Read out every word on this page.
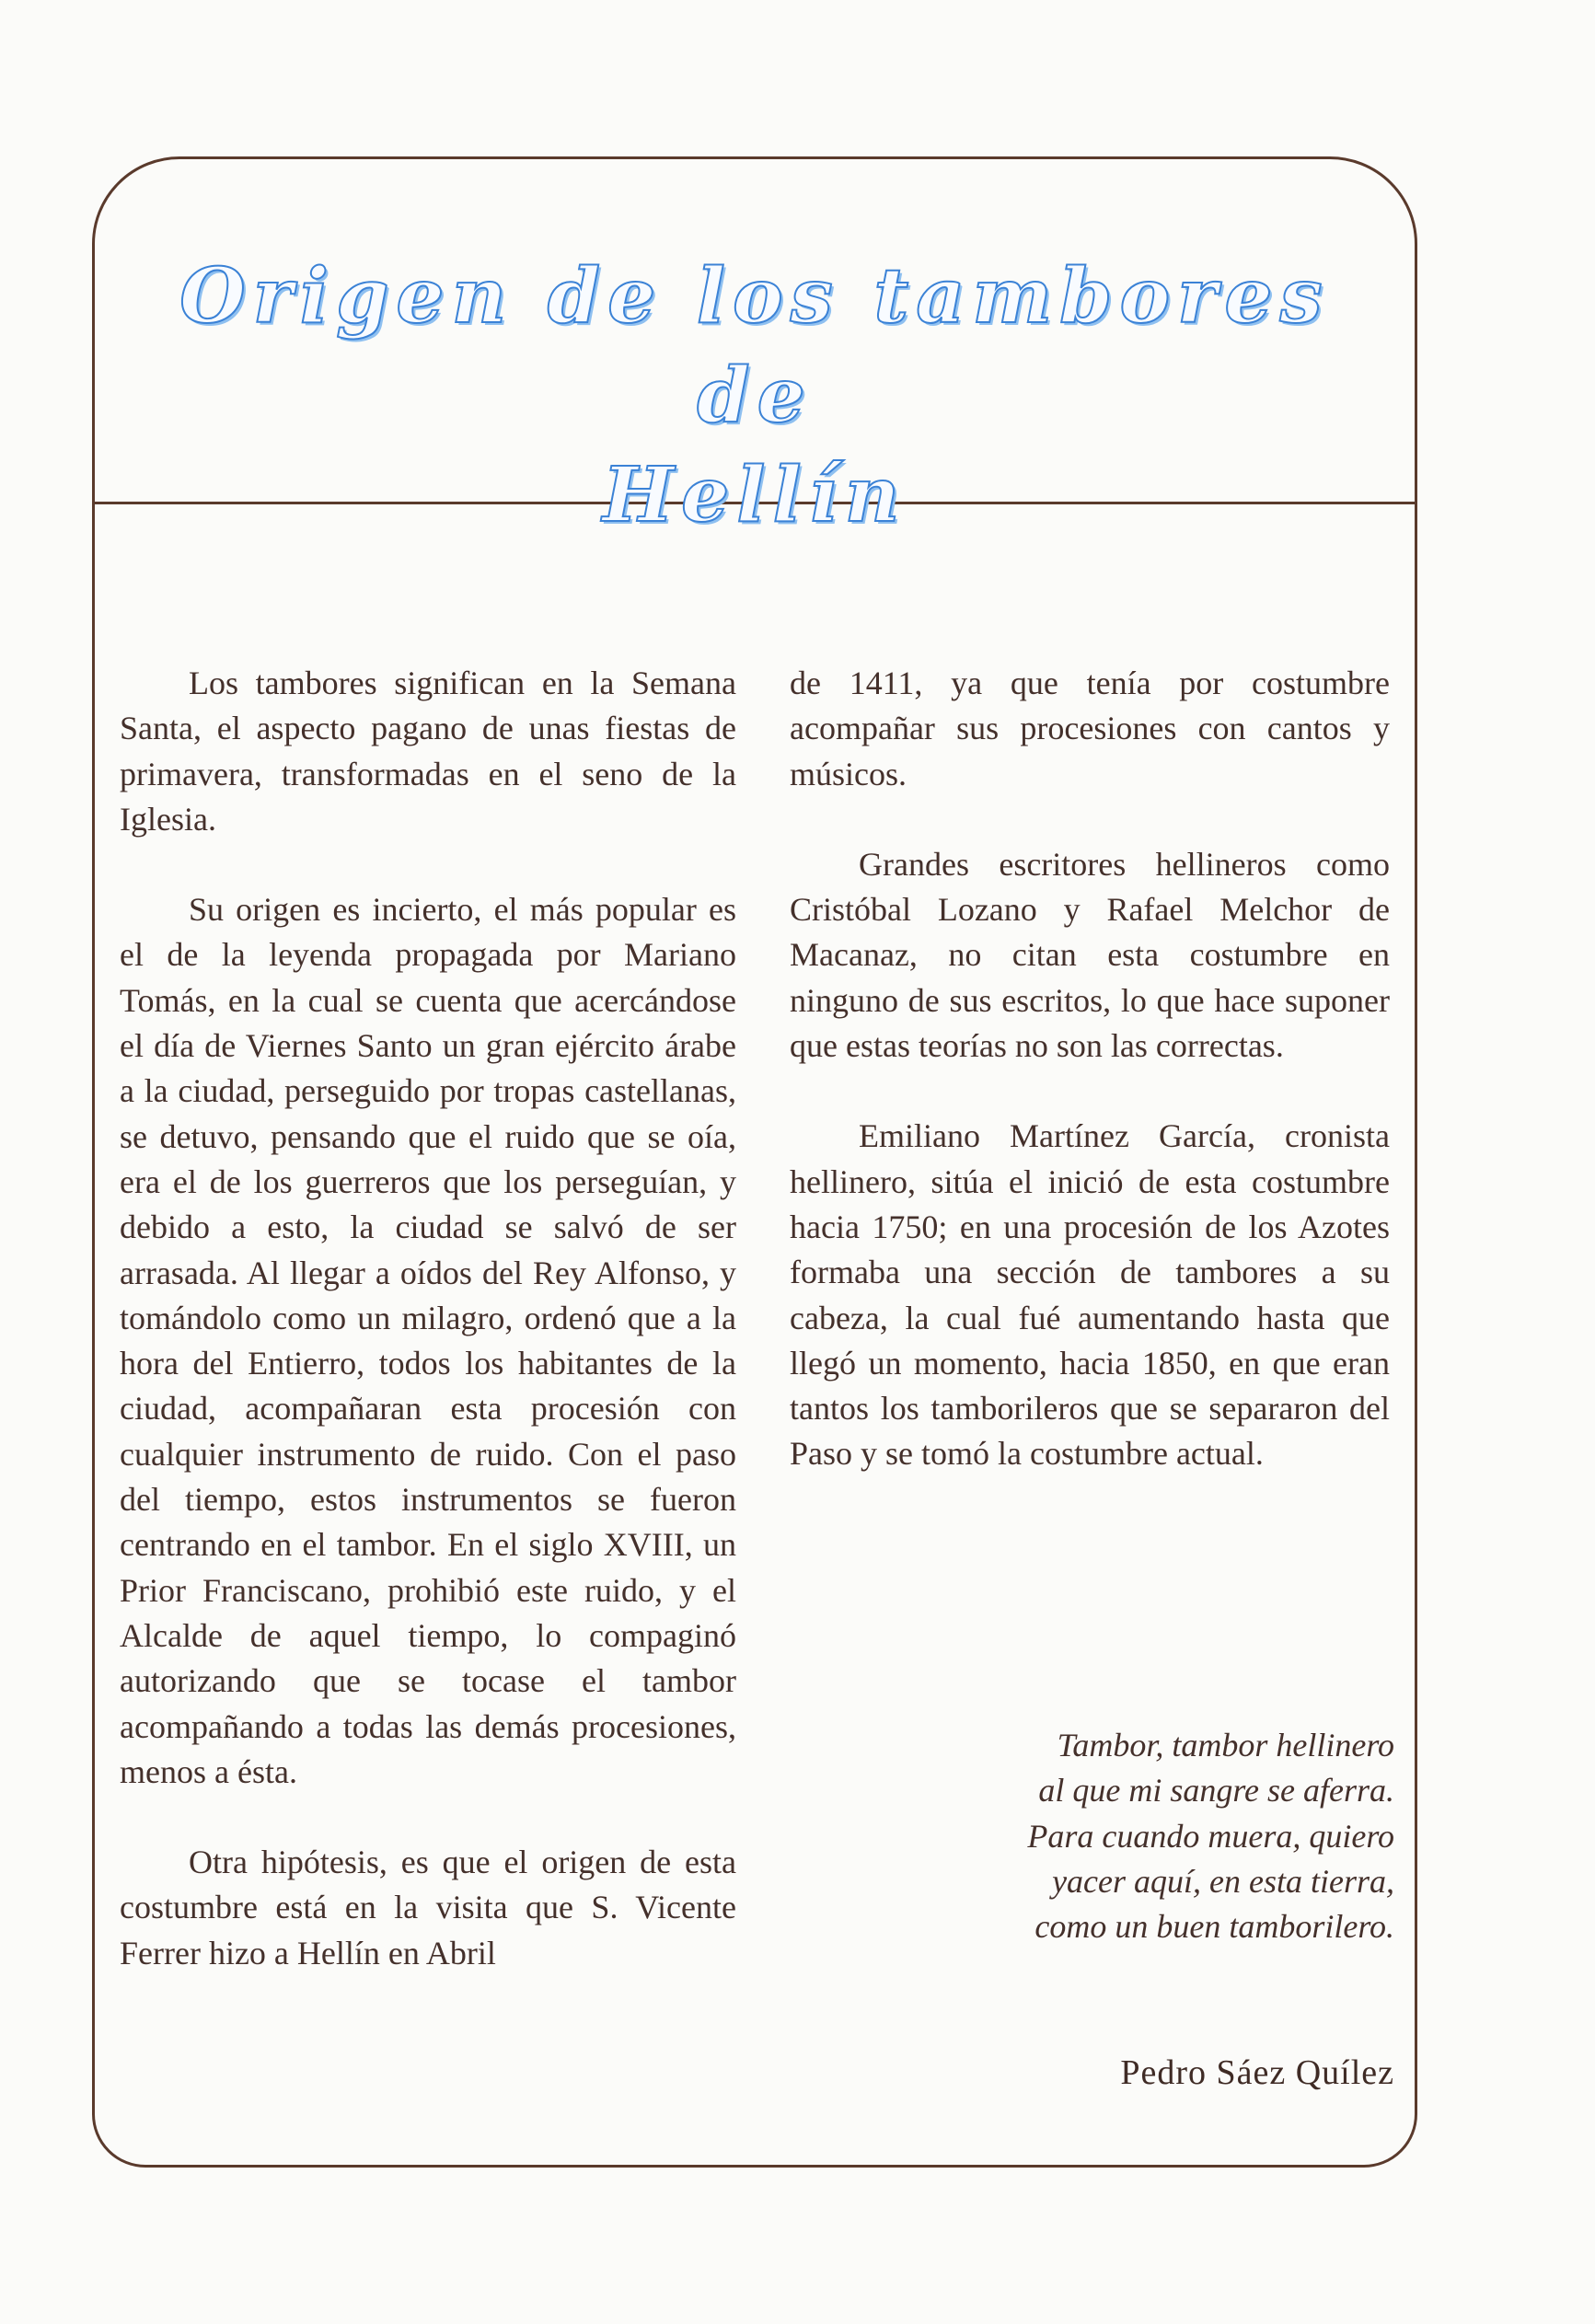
Origen de los tambores de
Hellín

Los tambores significan en la Semana Santa, el aspecto pagano de unas fiestas de primavera, transformadas en el seno de la Iglesia.

Su origen es incierto, el más popular es el de la leyenda propagada por Mariano Tomás, en la cual se cuenta que acercándose el día de Viernes Santo un gran ejército árabe a la ciudad, perseguido por tropas castellanas, se detuvo, pensando que el ruido que se oía, era el de los guerreros que los perseguían, y debido a esto, la ciudad se salvó de ser arrasada. Al llegar a oídos del Rey Alfonso, y tomándolo como un milagro, ordenó que a la hora del Entierro, todos los habitantes de la ciudad, acompañaran esta procesión con cualquier instrumento de ruido. Con el paso del tiempo, estos instrumentos se fueron centrando en el tambor. En el siglo XVIII, un Prior Franciscano, prohibió este ruido, y el Alcalde de aquel tiempo, lo compaginó autorizando que se tocase el tambor acompañando a todas las demás procesiones, menos a ésta.

Otra hipótesis, es que el origen de esta costumbre está en la visita que S. Vicente Ferrer hizo a Hellín en Abril

de 1411, ya que tenía por costumbre acompañar sus procesiones con cantos y músicos.

Grandes escritores hellineros como Cristóbal Lozano y Rafael Melchor de Macanaz, no citan esta costumbre en ninguno de sus escritos, lo que hace suponer que estas teorías no son las correctas.

Emiliano Martínez García, cronista hellinero, sitúa el inició de esta costumbre hacia 1750; en una procesión de los Azotes formaba una sección de tambores a su cabeza, la cual fué aumentando hasta que llegó un momento, hacia 1850, en que eran tantos los tamborileros que se separaron del Paso y se tomó la costumbre actual.

Tambor, tambor hellinero
al que mi sangre se aferra.
Para cuando muera, quiero
yacer aquí, en esta tierra,
como un buen tamborilero.
Pedro Sáez Quílez
